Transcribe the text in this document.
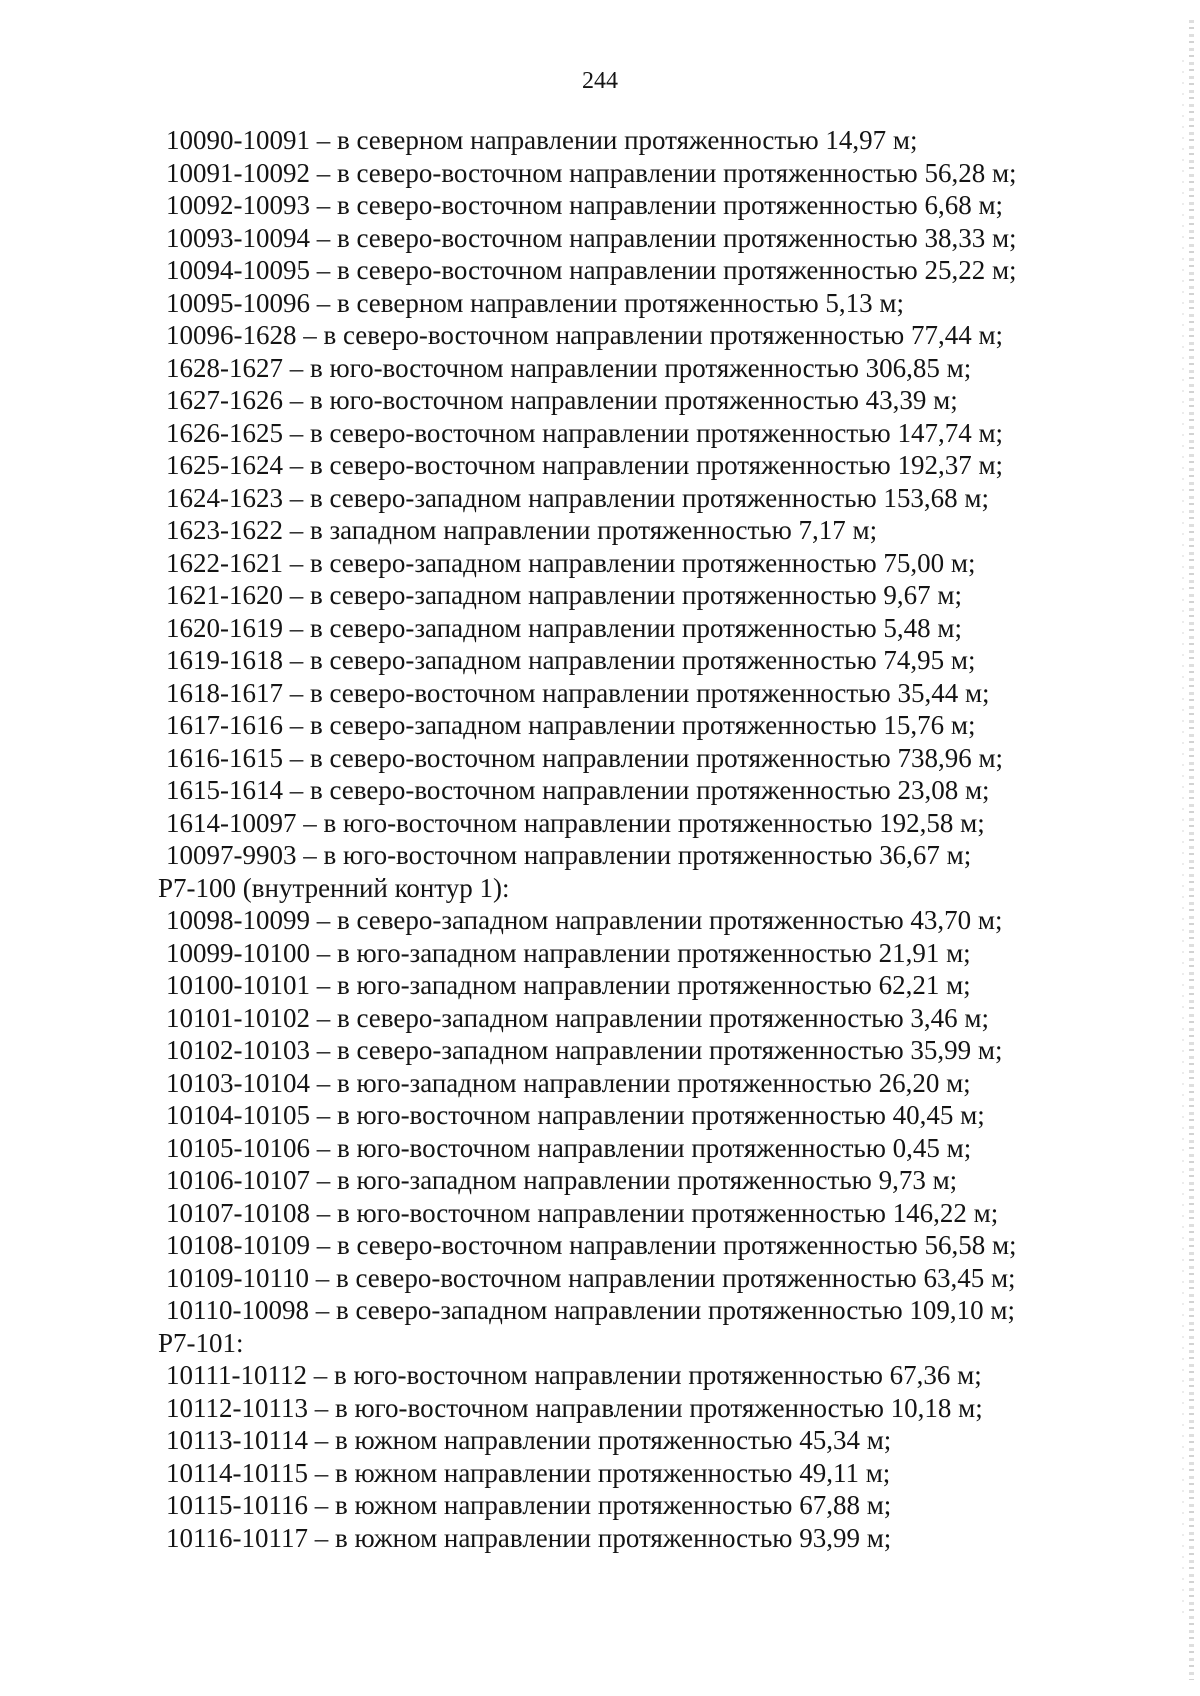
244
10090-10091 – в северном направлении протяженностью 14,97 м;
10091-10092 – в северо-восточном направлении протяженностью 56,28 м;
10092-10093 – в северо-восточном направлении протяженностью 6,68 м;
10093-10094 – в северо-восточном направлении протяженностью 38,33 м;
10094-10095 – в северо-восточном направлении протяженностью 25,22 м;
10095-10096 – в северном направлении протяженностью 5,13 м;
10096-1628 – в северо-восточном направлении протяженностью 77,44 м;
1628-1627 – в юго-восточном направлении протяженностью 306,85 м;
1627-1626 – в юго-восточном направлении протяженностью 43,39 м;
1626-1625 – в северо-восточном направлении протяженностью 147,74 м;
1625-1624 – в северо-восточном направлении протяженностью 192,37 м;
1624-1623 – в северо-западном направлении протяженностью 153,68 м;
1623-1622 – в западном направлении протяженностью 7,17 м;
1622-1621 – в северо-западном направлении протяженностью 75,00 м;
1621-1620 – в северо-западном направлении протяженностью 9,67 м;
1620-1619 – в северо-западном направлении протяженностью 5,48 м;
1619-1618 – в северо-западном направлении протяженностью 74,95 м;
1618-1617 – в северо-восточном направлении протяженностью 35,44 м;
1617-1616 – в северо-западном направлении протяженностью 15,76 м;
1616-1615 – в северо-восточном направлении протяженностью 738,96 м;
1615-1614 – в северо-восточном направлении протяженностью 23,08 м;
1614-10097 – в юго-восточном направлении протяженностью 192,58 м;
10097-9903 – в юго-восточном направлении протяженностью 36,67 м;
Р7-100 (внутренний контур 1):
10098-10099 – в северо-западном направлении протяженностью 43,70 м;
10099-10100 – в юго-западном направлении протяженностью 21,91 м;
10100-10101 – в юго-западном направлении протяженностью 62,21 м;
10101-10102 – в северо-западном направлении протяженностью 3,46 м;
10102-10103 – в северо-западном направлении протяженностью 35,99 м;
10103-10104 – в юго-западном направлении протяженностью 26,20 м;
10104-10105 – в юго-восточном направлении протяженностью 40,45 м;
10105-10106 – в юго-восточном направлении протяженностью 0,45 м;
10106-10107 – в юго-западном направлении протяженностью 9,73 м;
10107-10108 – в юго-восточном направлении протяженностью 146,22 м;
10108-10109 – в северо-восточном направлении протяженностью 56,58 м;
10109-10110 – в северо-восточном направлении протяженностью 63,45 м;
10110-10098 – в северо-западном направлении протяженностью 109,10 м;
Р7-101:
10111-10112 – в юго-восточном направлении протяженностью 67,36 м;
10112-10113 – в юго-восточном направлении протяженностью 10,18 м;
10113-10114 – в южном направлении протяженностью 45,34 м;
10114-10115 – в южном направлении протяженностью 49,11 м;
10115-10116 – в южном направлении протяженностью 67,88 м;
10116-10117 – в южном направлении протяженностью 93,99 м;
